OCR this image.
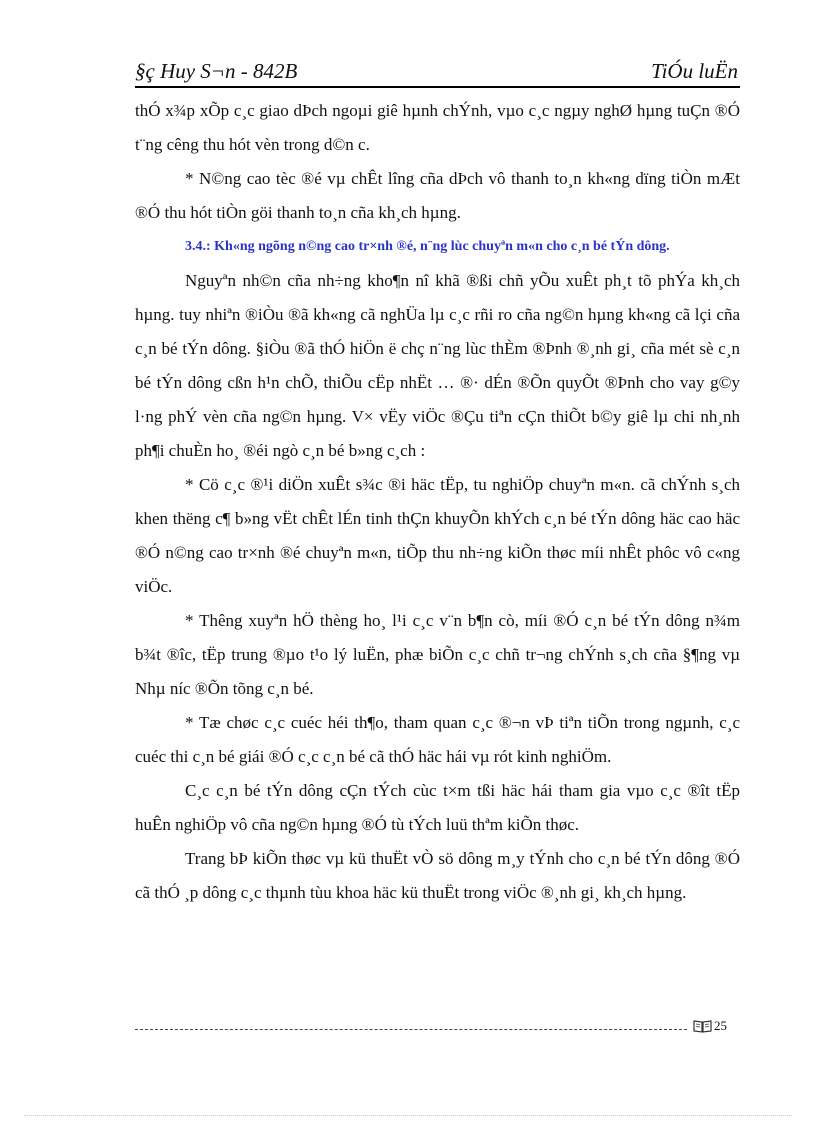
§ç Huy S¬n - 842B	TiÓu luËn

thÓ x¾p xÕp c¸c giao dÞch ngoµi giê hµnh chÝnh, vµo c¸c ngµy nghØ hµng tuÇn ®Ó t¨ng cêng thu hót vèn trong d©n c.

* N©ng cao tèc ®é vµ chÊt lîng cña dÞch vô thanh to¸n kh«ng dïng tiÒn mÆt ®Ó thu hót tiÒn göi thanh to¸n cña kh¸ch hµng.

3.4.: Kh«ng ngõng n©ng cao tr×nh ®é, n¨ng lùc chuyªn m«n cho c¸n bé tÝn dông.

Nguyªn nh©n cña nh÷ng kho¶n nî khã ®ßi chñ yÕu xuÊt ph¸t tõ phÝa kh¸ch hµng. tuy nhiªn ®iÒu ®ã kh«ng cã nghÜa lµ c¸c rñi ro cña ng©n hµng kh«ng cã lçi cña c¸n bé tÝn dông. §iÒu ®ã thÓ hiÖn ë chç n¨ng lùc thÈm ®Þnh ®¸nh gi¸ cña mét sè c¸n bé tÝn dông cßn h¹n chÕ, thiÕu cËp nhËt … ®· dÉn ®Õn quyÕt ®Þnh cho vay g©y l·ng phÝ vèn cña ng©n hµng. V× vËy viÖc ®Çu tiªn cÇn thiÕt b©y giê lµ chi nh¸nh ph¶i chuÈn ho¸ ®éi ngò c¸n bé b»ng c¸ch :

* Cö c¸c ®¹i diÖn xuÊt s¾c ®i häc tËp, tu nghiÖp chuyªn m«n. cã chÝnh s¸ch khen thëng c¶ b»ng vËt chÊt lÉn tinh thÇn khuyÕn khÝch c¸n bé tÝn dông häc cao häc ®Ó n©ng cao tr×nh ®é chuyªn m«n, tiÕp thu nh÷ng kiÕn thøc míi nhÊt phôc vô c«ng viÖc.

* Thêng xuyªn hÖ thèng ho¸ l¹i c¸c v¨n b¶n cò, míi ®Ó c¸n bé tÝn dông n¾m b¾t ®îc, tËp trung ®µo t¹o lý luËn, phæ biÕn c¸c chñ tr¬ng chÝnh s¸ch cña §¶ng vµ Nhµ níc ®Õn tõng c¸n bé.

* Tæ chøc c¸c cuéc héi th¶o, tham quan c¸c ®¬n vÞ tiªn tiÕn trong ngµnh, c¸c cuéc thi c¸n bé giái ®Ó c¸c c¸n bé cã thÓ häc hái vµ rót kinh nghiÖm.

C¸c c¸n bé tÝn dông cÇn tÝch cùc t×m tßi häc hái tham gia vµo c¸c ®ît tËp huÊn nghiÖp vô cña ng©n hµng ®Ó tù tÝch luü thªm kiÕn thøc.

Trang bÞ kiÕn thøc vµ kü thuËt vÒ sö dông m¸y tÝnh cho c¸n bé tÝn dông ®Ó cã thÓ ¸p dông c¸c thµnh tùu khoa häc kü thuËt trong viÖc ®¸nh gi¸ kh¸ch hµng.

25
